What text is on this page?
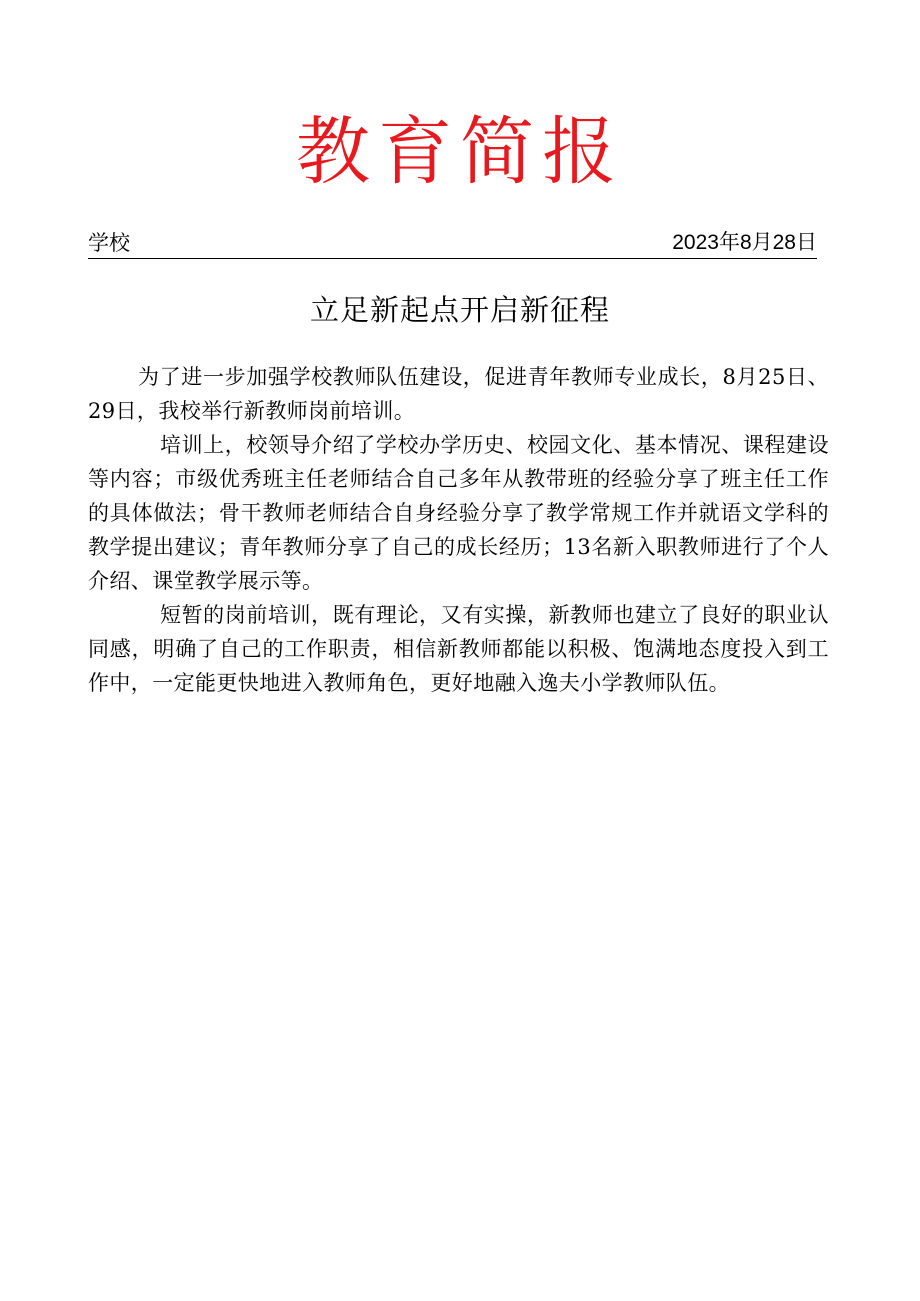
教育简报
学校	2023年8月28日
立足新起点开启新征程

为了进一步加强学校教师队伍建设，促进青年教师专业成长，8月25日、29日，我校举行新教师岗前培训。

培训上，校领导介绍了学校办学历史、校园文化、基本情况、课程建设等内容；市级优秀班主任老师结合自己多年从教带班的经验分享了班主任工作的具体做法；骨干教师老师结合自身经验分享了教学常规工作并就语文学科的教学提出建议；青年教师分享了自己的成长经历；13名新入职教师进行了个人介绍、课堂教学展示等。

短暂的岗前培训，既有理论，又有实操，新教师也建立了良好的职业认同感，明确了自己的工作职责，相信新教师都能以积极、饱满地态度投入到工作中，一定能更快地进入教师角色，更好地融入逸夫小学教师队伍。
